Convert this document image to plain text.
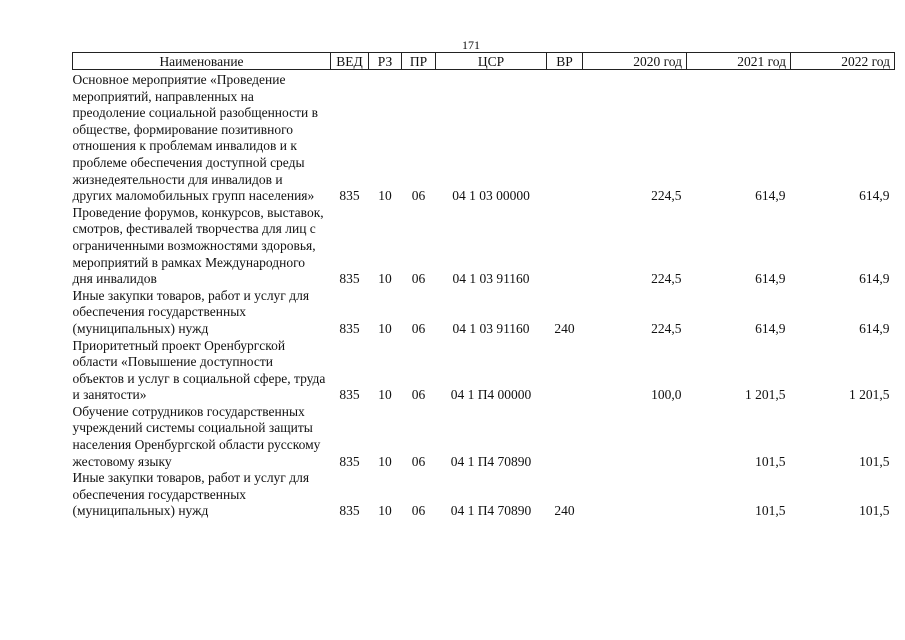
171
Наименование	ВЕД	РЗ	ПР	ЦСР	ВР	2020 год	2021 год	2022 год
Основное мероприятие «Проведение мероприятий, направленных на преодоление социальной разобщенности в обществе, формирование позитивного отношения к проблемам инвалидов и к проблеме обеспечения доступной среды жизнедеятельности для инвалидов и других маломобильных групп населения»	835	10	06	04 1 03 00000		224,5	614,9	614,9
Проведение форумов, конкурсов, выставок, смотров, фестивалей творчества для лиц с ограниченными возможностями здоровья, мероприятий в рамках Международного дня инвалидов	835	10	06	04 1 03 91160		224,5	614,9	614,9
Иные закупки товаров, работ и услуг для обеспечения государственных (муниципальных) нужд	835	10	06	04 1 03 91160	240	224,5	614,9	614,9
Приоритетный проект Оренбургской области «Повышение доступности объектов и услуг в социальной сфере, труда и занятости»	835	10	06	04 1 П4 00000		100,0	1 201,5	1 201,5
Обучение сотрудников государственных учреждений системы социальной защиты населения Оренбургской области русскому жестовому языку	835	10	06	04 1 П4 70890			101,5	101,5
Иные закупки товаров, работ и услуг для обеспечения государственных (муниципальных) нужд	835	10	06	04 1 П4 70890	240		101,5	101,5
